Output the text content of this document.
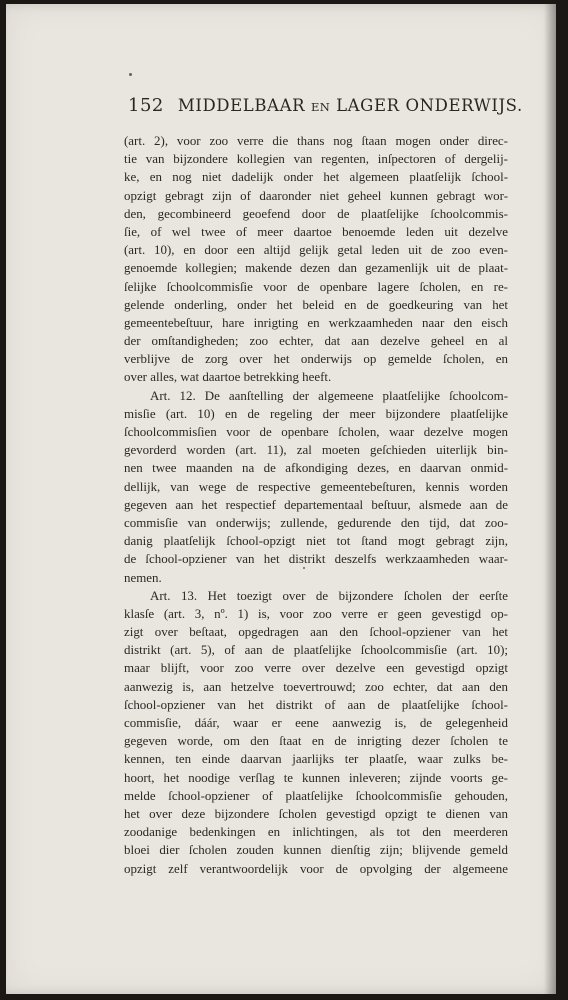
152 MIDDELBAAR EN LAGER ONDERWIJS.
(art. 2), voor zoo verre die thans nog ſtaan mogen onder direc-
tie van bijzondere kollegien van regenten, inſpectoren of dergelij-
ke, en nog niet dadelijk onder het algemeen plaatſelijk ſchool-
opzigt gebragt zijn of daaronder niet geheel kunnen gebragt wor-
den, gecombineerd geoefend door de plaatſelijke ſchoolcommis-
ſie, of wel twee of meer daartoe benoemde leden uit dezelve
(art. 10), en door een altijd gelijk getal leden uit de zoo even-
genoemde kollegien; makende dezen dan gezamenlijk uit de plaat-
ſelijke ſchoolcommisſie voor de openbare lagere ſcholen, en re-
gelende onderling, onder het beleid en de goedkeuring van het
gemeentebeſtuur, hare inrigting en werkzaamheden naar den eisch
der omſtandigheden; zoo echter, dat aan dezelve geheel en al
verblijve de zorg over het onderwijs op gemelde ſcholen, en
over alles, wat daartoe betrekking heeft.
Art. 12. De aanſtelling der algemeene plaatſelijke ſchoolcom-
misſie (art. 10) en de regeling der meer bijzondere plaatſelijke
ſchoolcommisſien voor de openbare ſcholen, waar dezelve mogen
gevorderd worden (art. 11), zal moeten geſchieden uiterlijk bin-
nen twee maanden na de afkondiging dezes, en daarvan onmid-
dellijk, van wege de respective gemeentebeſturen, kennis worden
gegeven aan het respectief departementaal beſtuur, alsmede aan de
commisſie van onderwijs; zullende, gedurende den tijd, dat zoo-
danig plaatſelijk ſchool-opzigt niet tot ſtand mogt gebragt zijn,
de ſchool-opziener van het distrikt deszelfs werkzaamheden waar-
nemen.
Art. 13. Het toezigt over de bijzondere ſcholen der eerſte
klasſe (art. 3, nº. 1) is, voor zoo verre er geen gevestigd op-
zigt over beſtaat, opgedragen aan den ſchool-opziener van het
distrikt (art. 5), of aan de plaatſelijke ſchoolcommisſie (art. 10);
maar blijft, voor zoo verre over dezelve een gevestigd opzigt
aanwezig is, aan hetzelve toevertrouwd; zoo echter, dat aan den
ſchool-opziener van het distrikt of aan de plaatſelijke ſchool-
commisſie, dáár, waar er eene aanwezig is, de gelegenheid
gegeven worde, om den ſtaat en de inrigting dezer ſcholen te
kennen, ten einde daarvan jaarlijks ter plaatſe, waar zulks be-
hoort, het noodige verſlag te kunnen inleveren; zijnde voorts ge-
melde ſchool-opziener of plaatſelijke ſchoolcommisſie gehouden,
het over deze bijzondere ſcholen gevestigd opzigt te dienen van
zoodanige bedenkingen en inlichtingen, als tot den meerderen
bloei dier ſcholen zouden kunnen dienſtig zijn; blijvende gemeld
opzigt zelf verantwoordelijk voor de opvolging der algemeene
